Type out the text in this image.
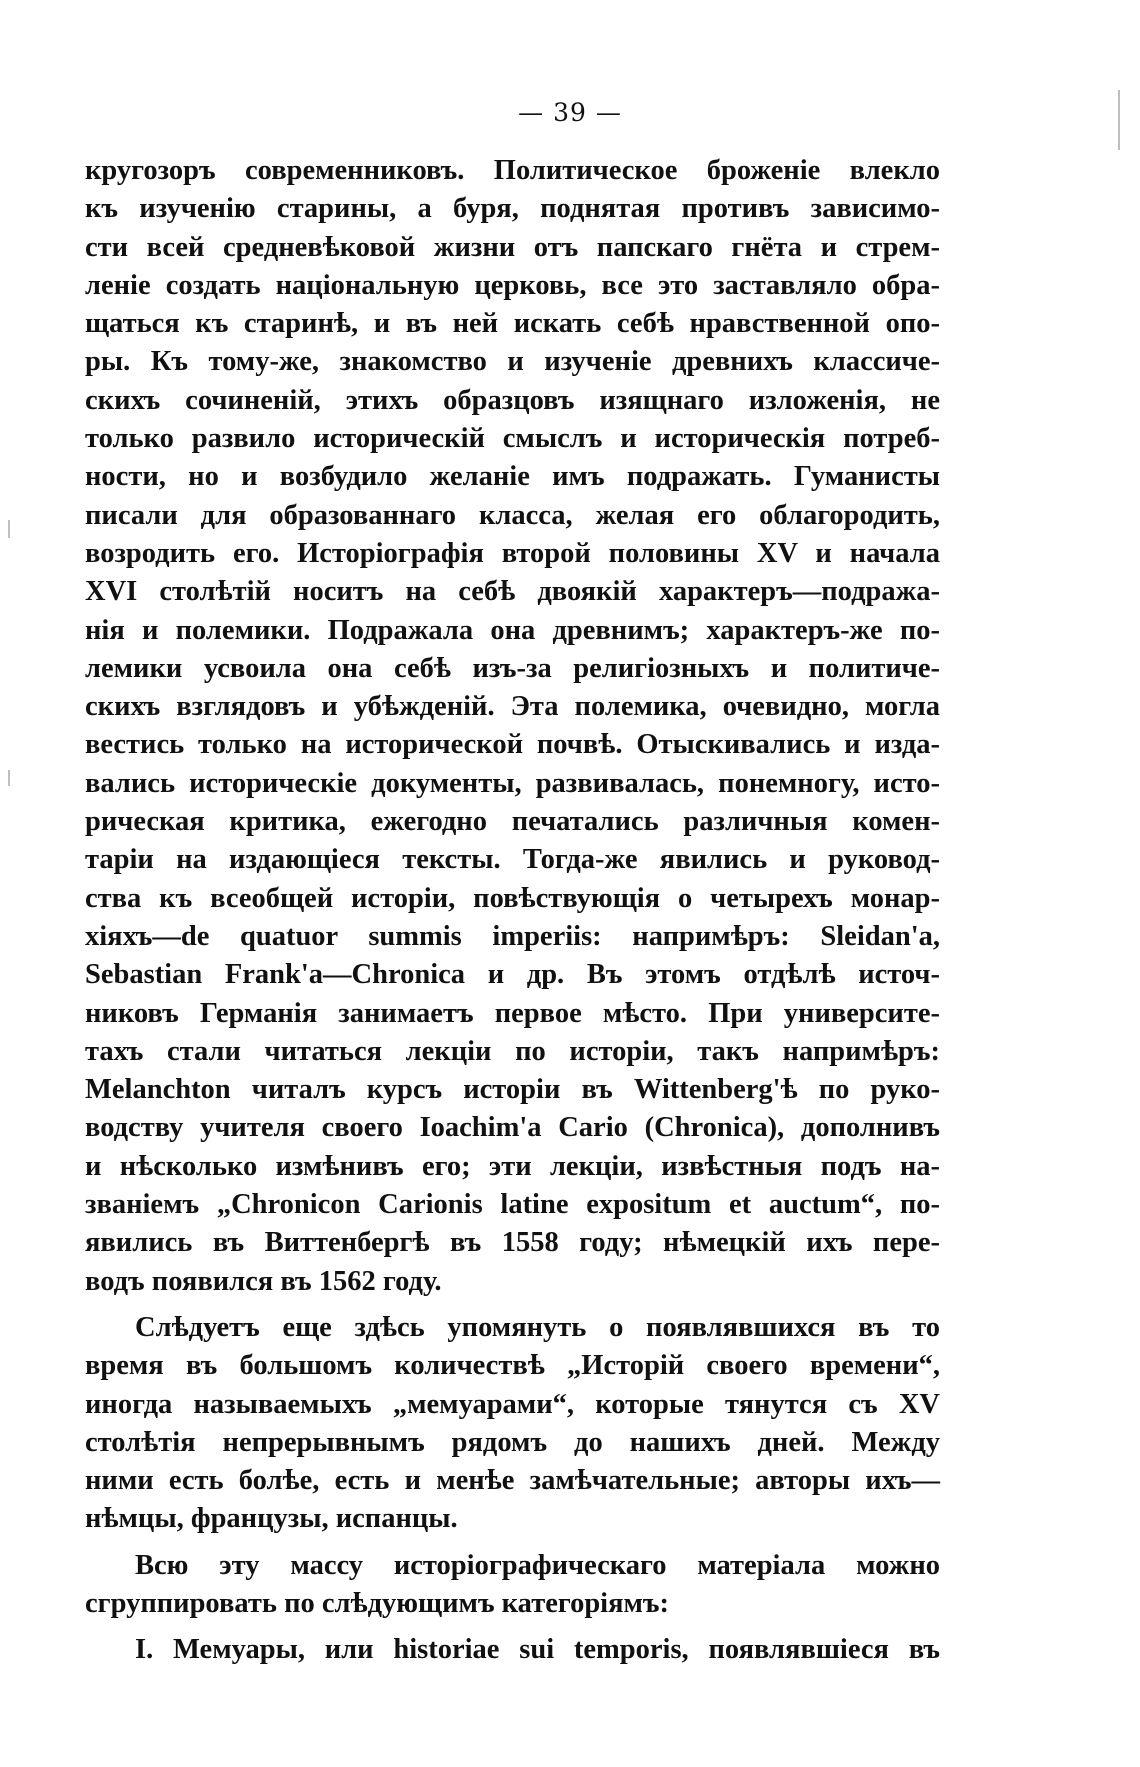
— 39 —
кругозоръ современниковъ. Политическое броженіе влекло
къ изученію старины, а буря, поднятая противъ зависимо-
сти всей средневѣковой жизни отъ папскаго гнёта и стрем-
леніе создать національную церковь, все это заставляло обра-
щаться къ старинѣ, и въ ней искать себѣ нравственной опо-
ры. Къ тому-же, знакомство и изученіе древнихъ классиче-
скихъ сочиненій, этихъ образцовъ изящнаго изложенія, не
только развило историческій смыслъ и историческія потреб-
ности, но и возбудило желаніе имъ подражать. Гуманисты
писали для образованнаго класса, желая его облагородить,
возродить его. Исторіографія второй половины XV и начала
XVI столѣтій носитъ на себѣ двоякій характеръ—подража-
нія и полемики. Подражала она древнимъ; характеръ-же по-
лемики усвоила она себѣ изъ-за религіозныхъ и политиче-
скихъ взглядовъ и убѣжденій. Эта полемика, очевидно, могла
вестись только на исторической почвѣ. Отыскивались и изда-
вались историческіе документы, развивалась, понемногу, исто-
рическая критика, ежегодно печатались различныя комен-
таріи на издающіеся тексты. Тогда-же явились и руковод-
ства къ всеобщей исторіи, повѣствующія о четырехъ монар-
хіяхъ—de quatuor summis imperiis: напримѣръ: Sleidan'а,
Sebastian Frank'а—Chronica и др. Въ этомъ отдѣлѣ источ-
никовъ Германія занимаетъ первое мѣсто. При университе-
тахъ стали читаться лекціи по исторіи, такъ напримѣръ:
Melanchton читалъ курсъ исторіи въ Wittenberg'ѣ по руко-
водству учителя своего Ioachim'а Cario (Chronica), дополнивъ
и нѣсколько измѣнивъ его; эти лекціи, извѣстныя подъ на-
званіемъ „Chronicon Carionis latine expositum et auctum“, по-
явились въ Виттенбергѣ въ 1558 году; нѣмецкій ихъ пере-
водъ появился въ 1562 году.
Слѣдуетъ еще здѣсь упомянуть о появлявшихся въ то
время въ большомъ количествѣ „Исторій своего времени“,
иногда называемыхъ „мемуарами“, которые тянутся съ XV
столѣтія непрерывнымъ рядомъ до нашихъ дней. Между
ними есть болѣе, есть и менѣе замѣчательные; авторы ихъ—
нѣмцы, французы, испанцы.
Всю эту массу исторіографическаго матеріала можно
сгруппировать по слѣдующимъ категоріямъ:
I. Мемуары, или historiae sui temporis, появлявшіеся въ
